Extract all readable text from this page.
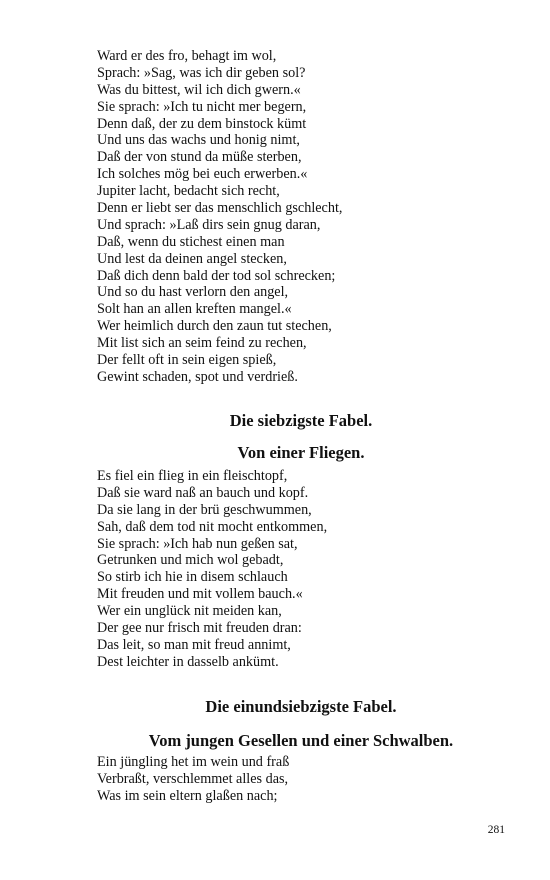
Ward er des fro, behagt im wol,
Sprach: »Sag, was ich dir geben sol?
Was du bittest, wil ich dich gwern.«
Sie sprach: »Ich tu nicht mer begern,
Denn daß, der zu dem binstock kümt
Und uns das wachs und honig nimt,
Daß der von stund da müße sterben,
Ich solches mög bei euch erwerben.«
Jupiter lacht, bedacht sich recht,
Denn er liebt ser das menschlich gschlecht,
Und sprach: »Laß dirs sein gnug daran,
Daß, wenn du stichest einen man
Und lest da deinen angel stecken,
Daß dich denn bald der tod sol schrecken;
Und so du hast verlorn den angel,
Solt han an allen kreften mangel.«
Wer heimlich durch den zaun tut stechen,
Mit list sich an seim feind zu rechen,
Der fellt oft in sein eigen spieß,
Gewint schaden, spot und verdrieß.
Die siebzigste Fabel.
Von einer Fliegen.
Es fiel ein flieg in ein fleischtopf,
Daß sie ward naß an bauch und kopf.
Da sie lang in der brü geschwummen,
Sah, daß dem tod nit mocht entkommen,
Sie sprach: »Ich hab nun geßen sat,
Getrunken und mich wol gebadt,
So stirb ich hie in disem schlauch
Mit freuden und mit vollem bauch.«
Wer ein unglück nit meiden kan,
Der gee nur frisch mit freuden dran:
Das leit, so man mit freud annimt,
Dest leichter in dasselb ankümt.
Die einundsiebzigste Fabel.
Vom jungen Gesellen und einer Schwalben.
Ein jüngling het im wein und fraß
Verbraßt, verschlemmet alles das,
Was im sein eltern glaßen nach;
281
